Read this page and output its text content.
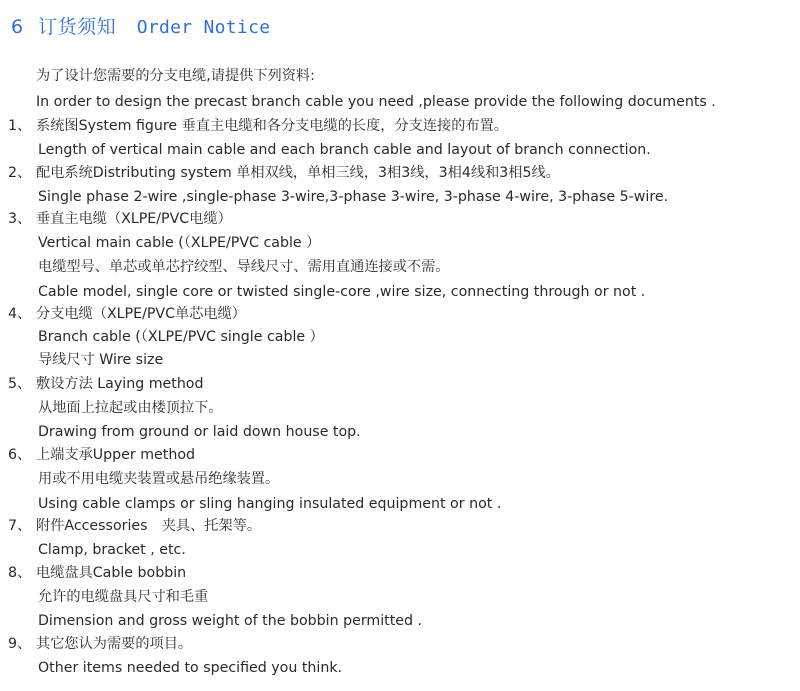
6 订货须知 Order Notice
为了设计您需要的分支电缆,请提供下列资料:
In order to design the precast branch cable you need ,please provide the following documents .
1、 系统图System figure 垂直主电缆和各分支电缆的长度，分支连接的布置。
Length of vertical main cable and each branch cable and layout of branch connection.
2、 配电系统Distributing system 单相双线，单相三线，3相3线，3相4线和3相5线。
Single phase 2-wire ,single-phase 3-wire,3-phase 3-wire, 3-phase 4-wire, 3-phase 5-wire.
3、 垂直主电缆（XLPE/PVC电缆）
Vertical main cable (（XLPE/PVC cable ）
电缆型号、单芯或单芯拧绞型、导线尺寸、需用直通连接或不需。
Cable model, single core or twisted single-core ,wire size, connecting through or not .
4、 分支电缆（XLPE/PVC单芯电缆）
Branch cable (（XLPE/PVC single cable ）
导线尺寸 Wire size
5、 敷设方法 Laying method
从地面上拉起或由楼顶拉下。
Drawing from ground or laid down house top.
6、 上端支承Upper method
用或不用电缆夹装置或悬吊绝缘装置。
Using cable clamps or sling hanging insulated equipment or not .
7、 附件Accessories　夹具、托架等。
Clamp, bracket , etc.
8、 电缆盘具Cable bobbin
允许的电缆盘具尺寸和毛重
Dimension and gross weight of the bobbin permitted .
9、 其它您认为需要的项目。
Other items needed to specified you think.
